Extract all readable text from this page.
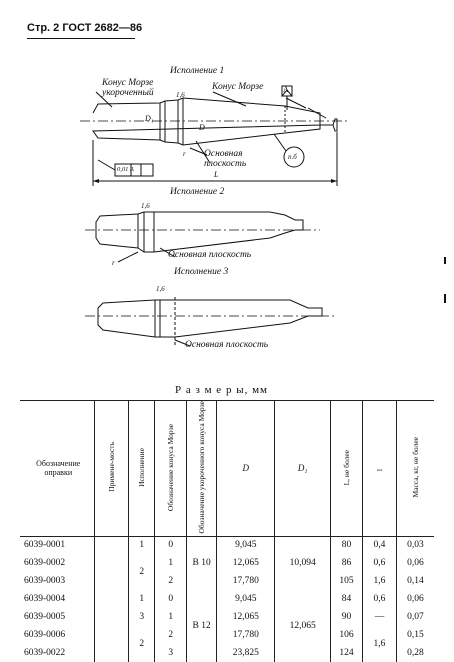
Стр. 2 ГОСТ 2682—86
Исполнение 1
Конус Морзе укороченный
Конус Морзе A
1,6
D₁
D
r Основная плоскость
п.б
0,01 A
L
Исполнение 2
1,6
r
Основная плоскость
Исполнение 3
1,6
Основная плоскость
Р а з м е р ы, мм
Обозначение оправки	Примене-мость	Исполнение	Обозначение конуса Морзе	Обозначение укороченного конуса Морзе	D	D₁	L, не более	l	Масса, кг, не более
6039-0001		1	0	B 10	9,045	10,094	80	0,4	0,03
6039-0002		2	1		12,065		86	0,6	0,06
6039-0003			2		17,780		105	1,6	0,14
6039-0004		1	0	B 12	9,045	12,065	84	0,6	0,06
6039-0005		3	1		12,065		90	—	0,07
6039-0006		2	2		17,780		106	1,6	0,15
6039-0022			3		23,825		124		0,28
